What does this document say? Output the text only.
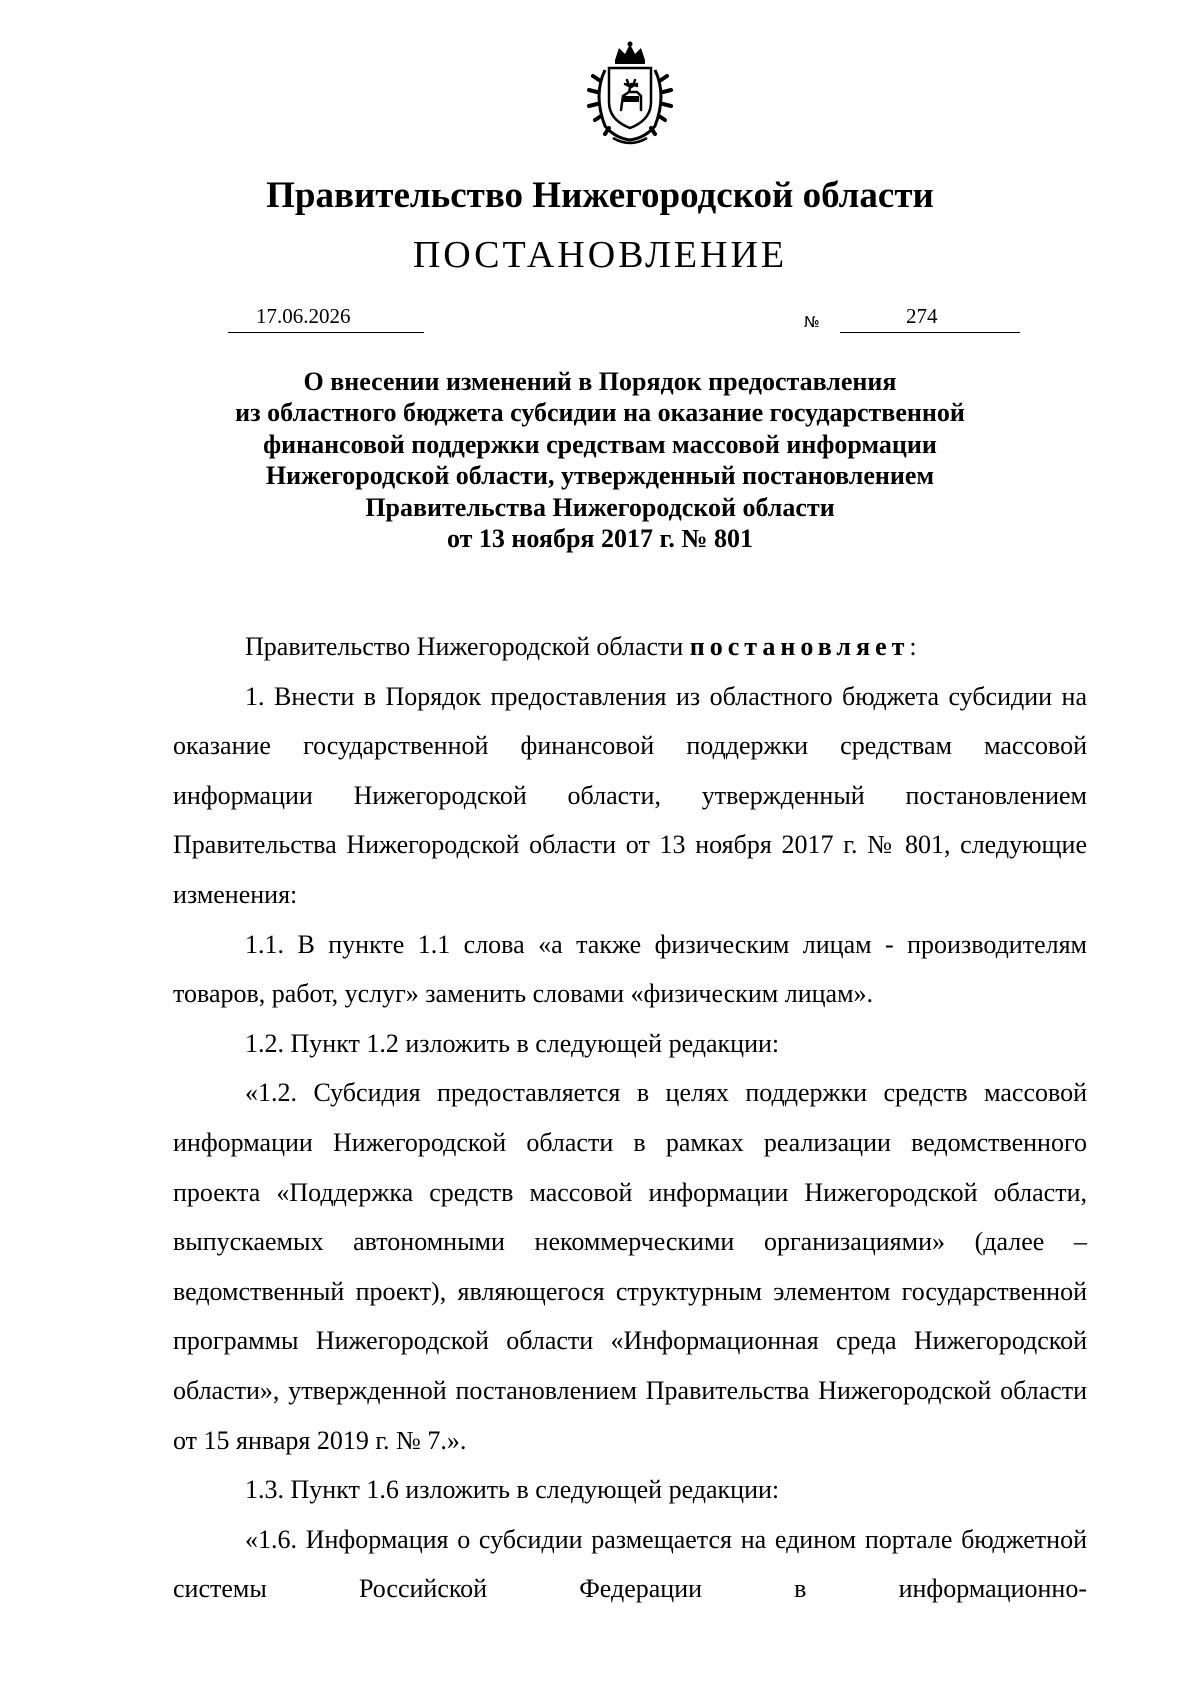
Правительство Нижегородской области
ПОСТАНОВЛЕНИЕ
17.06.2026	№	274
О внесении изменений в Порядок предоставления
из областного бюджета субсидии на оказание государственной
финансовой поддержки средствам массовой информации
Нижегородской области, утвержденный постановлением
Правительства Нижегородской области
от 13 ноября 2017 г. № 801

Правительство Нижегородской области постановляет:

1. Внести в Порядок предоставления из областного бюджета субсидии на оказание государственной финансовой поддержки средствам массовой информации Нижегородской области, утвержденный постановлением Правительства Нижегородской области от 13 ноября 2017 г. № 801, следующие изменения:

1.1. В пункте 1.1 слова «а также физическим лицам - производителям товаров, работ, услуг» заменить словами «физическим лицам».

1.2. Пункт 1.2 изложить в следующей редакции:

«1.2. Субсидия предоставляется в целях поддержки средств массовой информации Нижегородской области в рамках реализации ведомственного проекта «Поддержка средств массовой информации Нижегородской области, выпускаемых автономными некоммерческими организациями» (далее – ведомственный проект), являющегося структурным элементом государственной программы Нижегородской области «Информационная среда Нижегородской области», утвержденной постановлением Правительства Нижегородской области от 15 января 2019 г. № 7.».

1.3. Пункт 1.6 изложить в следующей редакции:

«1.6. Информация о субсидии размещается на едином портале бюджетной системы Российской Федерации в информационно-
